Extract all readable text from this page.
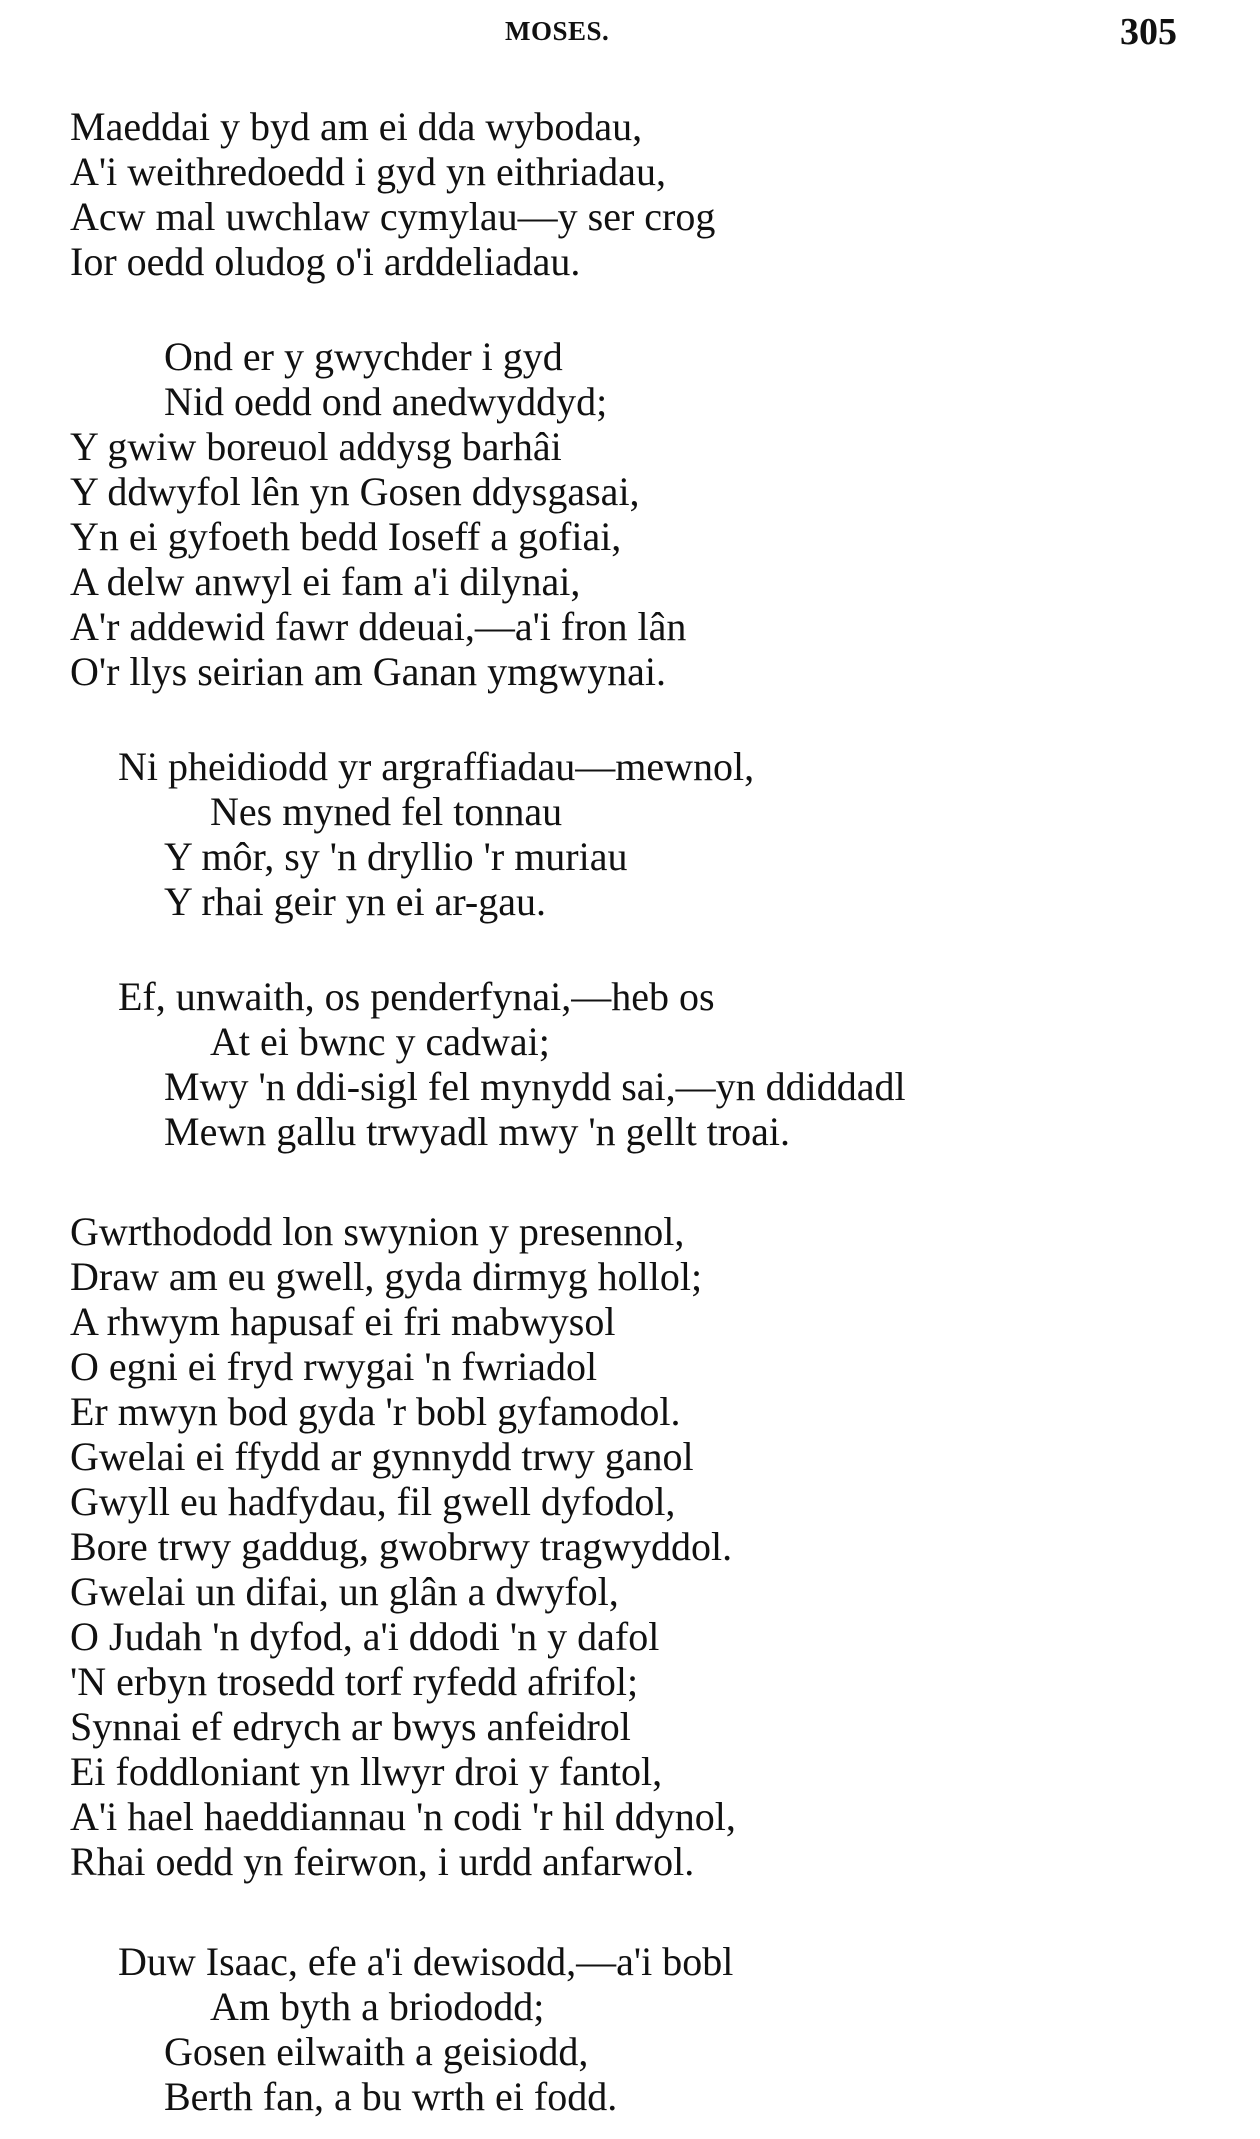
MOSES.	305
Maeddai y byd am ei dda wybodau,
A'i weithredoedd i gyd yn eithriadau,
Acw mal uwchlaw cymylau—y ser crog
Ior oedd oludog o'i arddeliadau.
Ond er y gwychder i gyd
Nid oedd ond anedwyddyd;
Y gwiw boreuol addysg barhâi
Y ddwyfol lên yn Gosen ddysgasai,
Yn ei gyfoeth bedd Ioseff a gofiai,
A delw anwyl ei fam a'i dilynai,
A'r addewid fawr ddeuai,—a'i fron lân
O'r llys seirian am Ganan ymgwynai.
Ni pheidiodd yr argraffiadau—mewnol,
Nes myned fel tonnau
Y môr, sy 'n dryllio 'r muriau
Y rhai geir yn ei ar-gau.
Ef, unwaith, os penderfynai,—heb os
At ei bwnc y cadwai;
Mwy 'n ddi-sigl fel mynydd sai,—yn ddiddadl
Mewn gallu trwyadl mwy 'n gellt troai.
Gwrthododd lon swynion y presennol,
Draw am eu gwell, gyda dirmyg hollol;
A rhwym hapusaf ei fri mabwysol
O egni ei fryd rwygai 'n fwriadol
Er mwyn bod gyda 'r bobl gyfamodol.
Gwelai ei ffydd ar gynnydd trwy ganol
Gwyll eu hadfydau, fil gwell dyfodol,
Bore trwy gaddug, gwobrwy tragwyddol.
Gwelai un difai, un glân a dwyfol,
O Judah 'n dyfod, a'i ddodi 'n y dafol
'N erbyn trosedd torf ryfedd afrifol;
Synnai ef edrych ar bwys anfeidrol
Ei foddloniant yn llwyr droi y fantol,
A'i hael haeddiannau 'n codi 'r hil ddynol,
Rhai oedd yn feirwon, i urdd anfarwol.
Duw Isaac, efe a'i dewisodd,—a'i bobl
Am byth a briododd;
Gosen eilwaith a geisiodd,
Berth fan, a bu wrth ei fodd.
